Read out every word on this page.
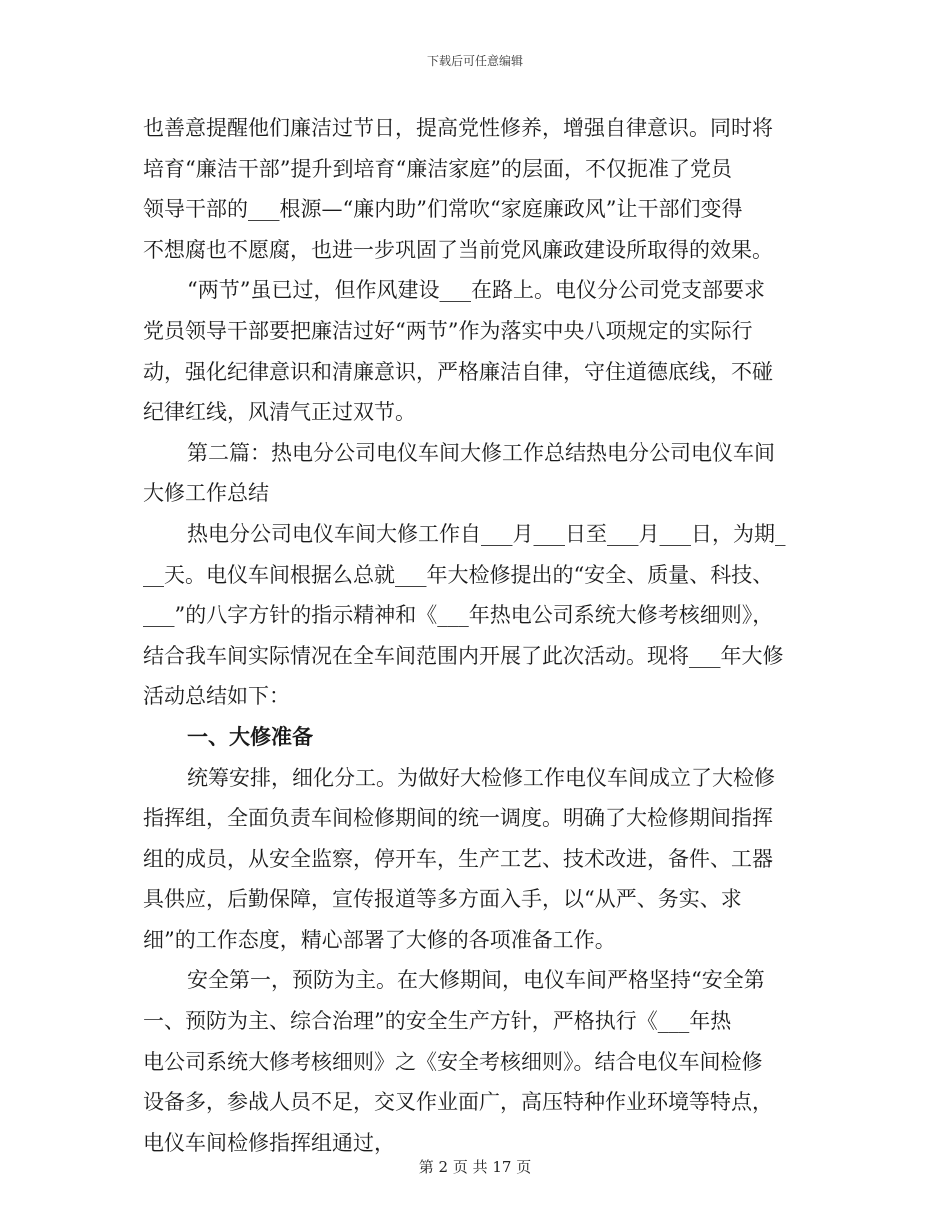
下载后可任意编辑
也善意提醒他们廉洁过节日，提高党性修养，增强自律意识。同时将
培育“廉洁干部”提升到培育“廉洁家庭”的层面，不仅扼准了党员
领导干部的___根源—“廉内助”们常吹“家庭廉政风”让干部们变得
不想腐也不愿腐，也进一步巩固了当前党风廉政建设所取得的效果。
“两节”虽已过，但作风建设___在路上。电仪分公司党支部要求
党员领导干部要把廉洁过好“两节”作为落实中央八项规定的实际行
动，强化纪律意识和清廉意识，严格廉洁自律，守住道德底线，不碰
纪律红线，风清气正过双节。
第二篇：热电分公司电仪车间大修工作总结热电分公司电仪车间
大修工作总结
热电分公司电仪车间大修工作自___月___日至___月___日，为期_
__天。电仪车间根据么总就___年大检修提出的“安全、质量、科技、
___”的八字方针的指示精神和《___年热电公司系统大修考核细则》，
结合我车间实际情况在全车间范围内开展了此次活动。现将___年大修
活动总结如下：
一、大修准备
统筹安排，细化分工。为做好大检修工作电仪车间成立了大检修
指挥组，全面负责车间检修期间的统一调度。明确了大检修期间指挥
组的成员，从安全监察，停开车，生产工艺、技术改进，备件、工器
具供应，后勤保障，宣传报道等多方面入手，以“从严、务实、求
细”的工作态度，精心部署了大修的各项准备工作。
安全第一，预防为主。在大修期间，电仪车间严格坚持“安全第
一、预防为主、综合治理”的安全生产方针，严格执行《___年热
电公司系统大修考核细则》之《安全考核细则》。结合电仪车间检修
设备多，参战人员不足，交叉作业面广，高压特种作业环境等特点，
电仪车间检修指挥组通过，
第 2 页 共 17 页
